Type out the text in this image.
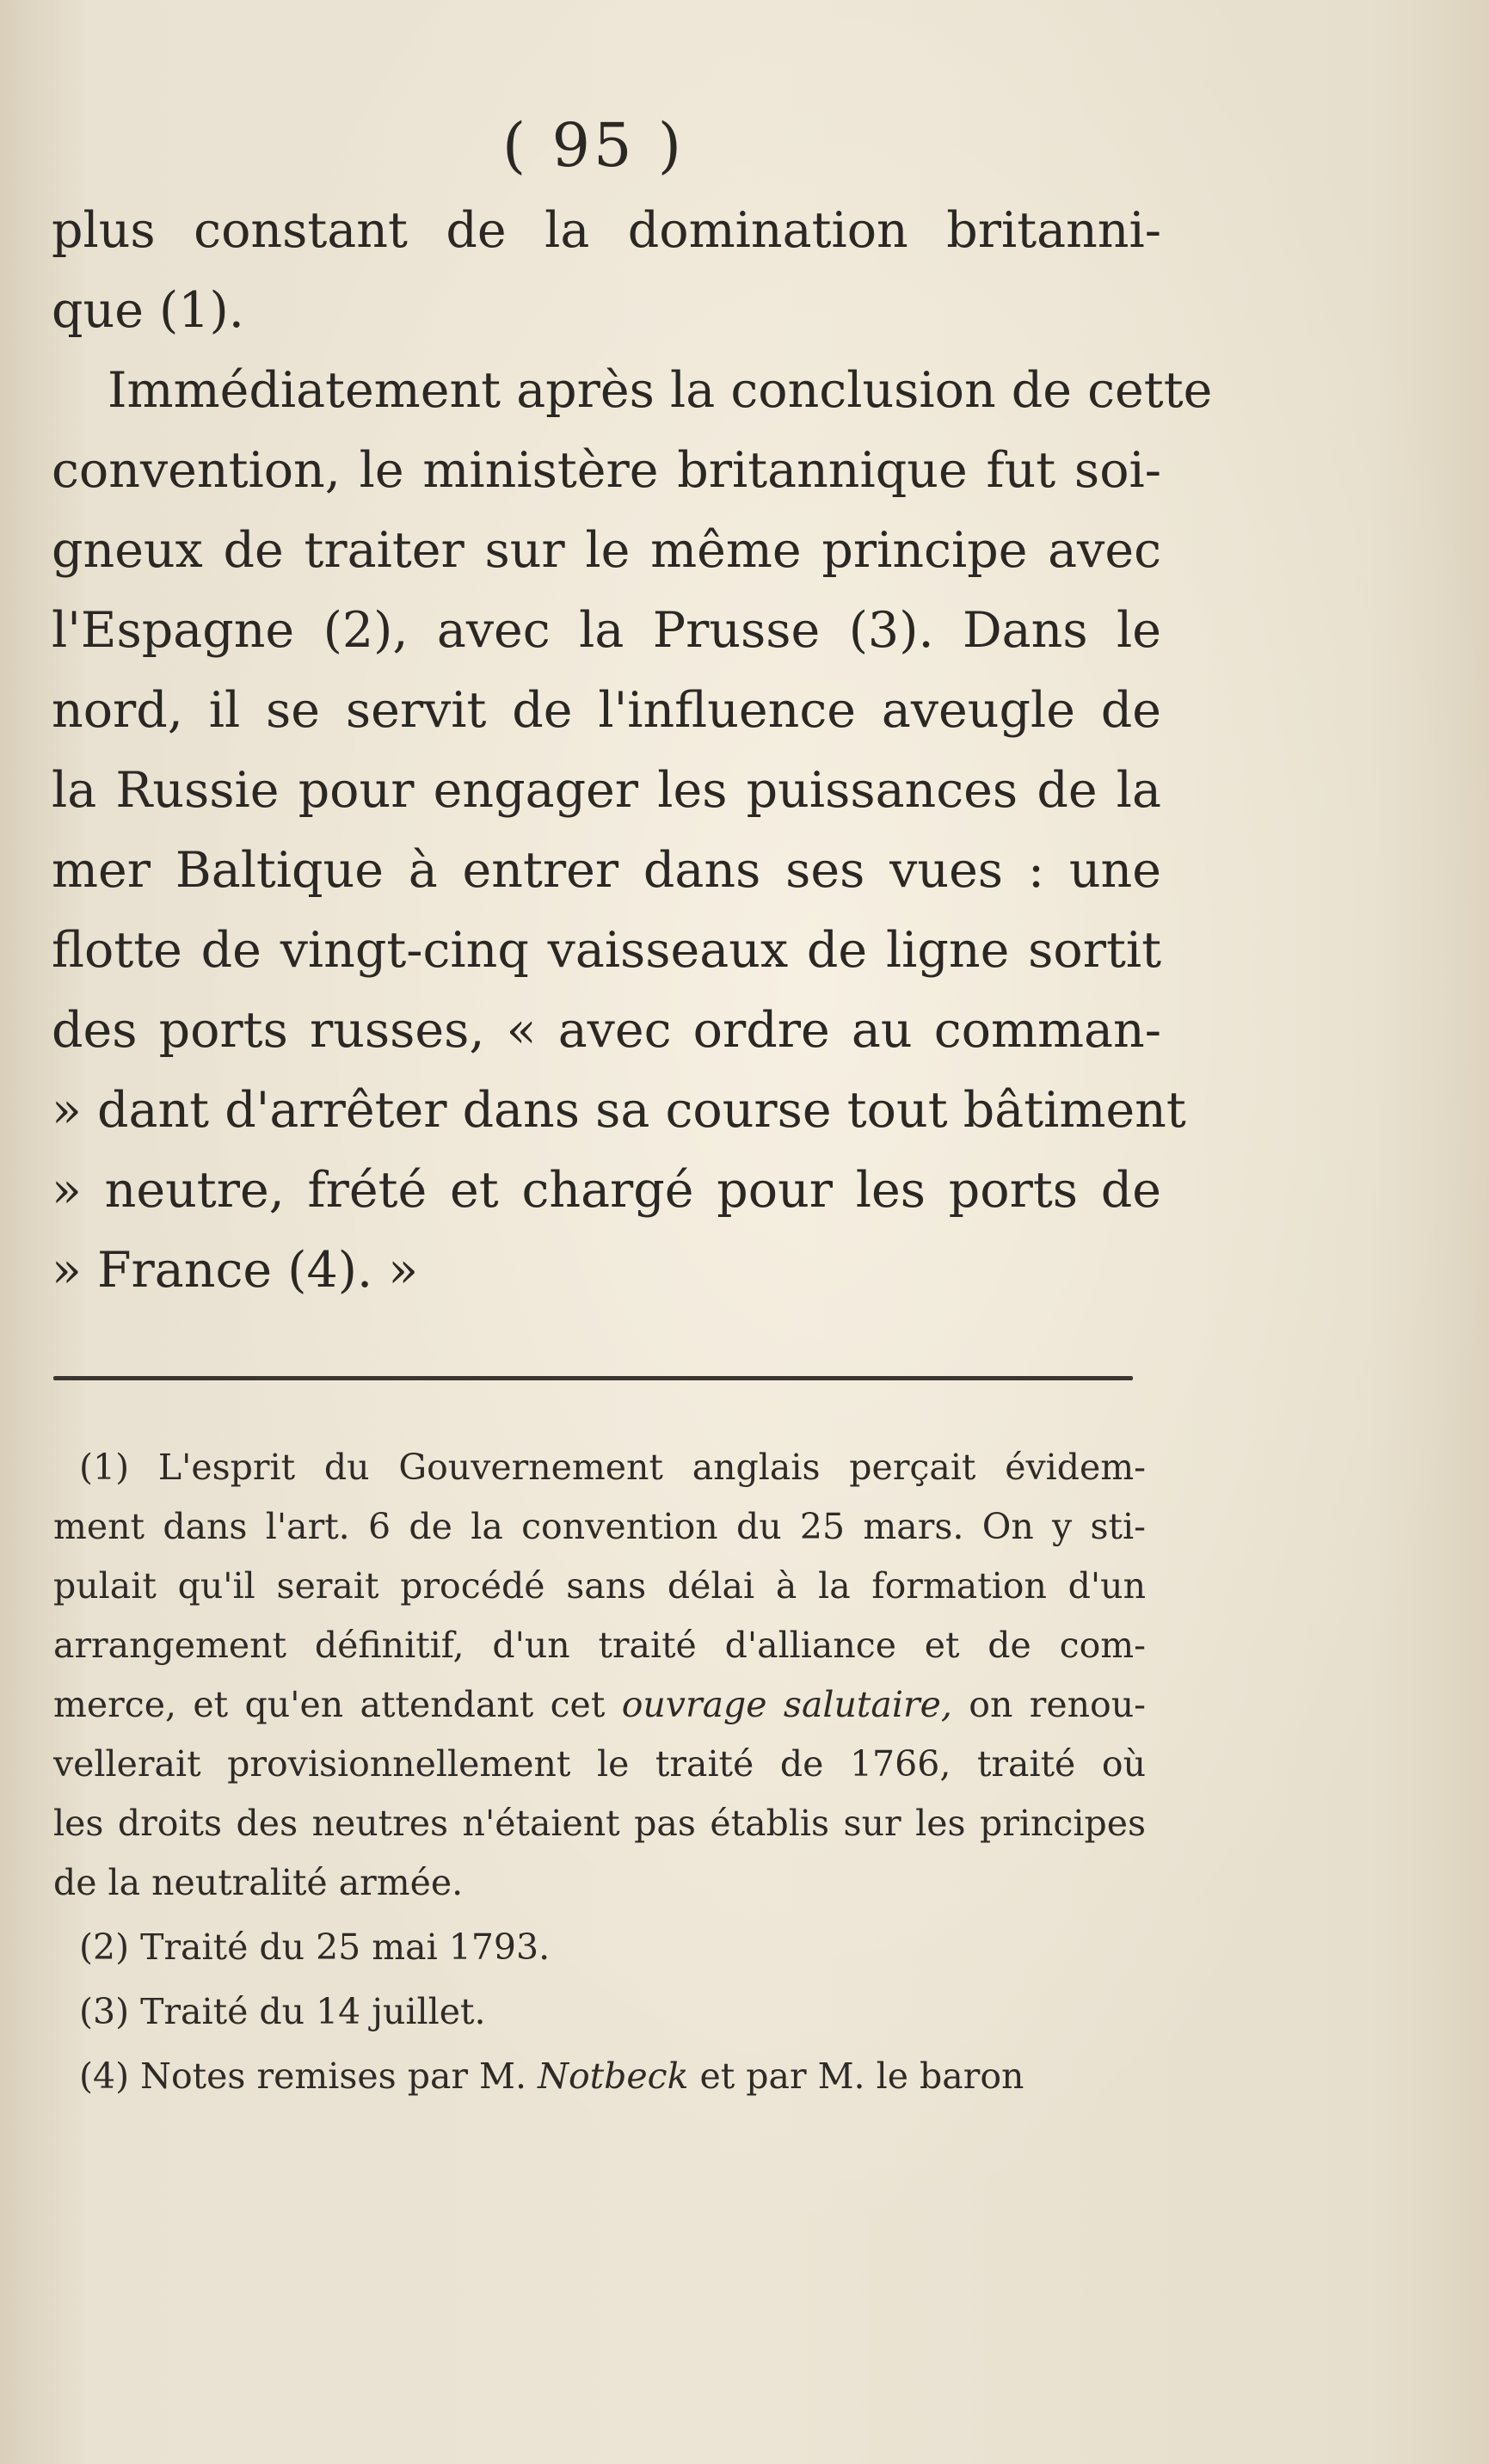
( 95 )
plus constant de la domination britanni-
que (1).
Immédiatement après la conclusion de cette
convention, le ministère britannique fut soi-
gneux de traiter sur le même principe avec
l'Espagne (2), avec la Prusse (3). Dans le
nord, il se servit de l'influence aveugle de
la Russie pour engager les puissances de la
mer Baltique à entrer dans ses vues : une
flotte de vingt-cinq vaisseaux de ligne sortit
des ports russes, « avec ordre au comman-
» dant d'arrêter dans sa course tout bâtiment
» neutre, frété et chargé pour les ports de
» France (4). »
(1) L'esprit du Gouvernement anglais perçait évidem-
ment dans l'art. 6 de la convention du 25 mars. On y sti-
pulait qu'il serait procédé sans délai à la formation d'un
arrangement définitif, d'un traité d'alliance et de com-
merce, et qu'en attendant cet ouvrage salutaire, on renou-
vellerait provisionnellement le traité de 1766, traité où
les droits des neutres n'étaient pas établis sur les principes
de la neutralité armée.
(2) Traité du 25 mai 1793.
(3) Traité du 14 juillet.
(4) Notes remises par M. Notbeck et par M. le baron
